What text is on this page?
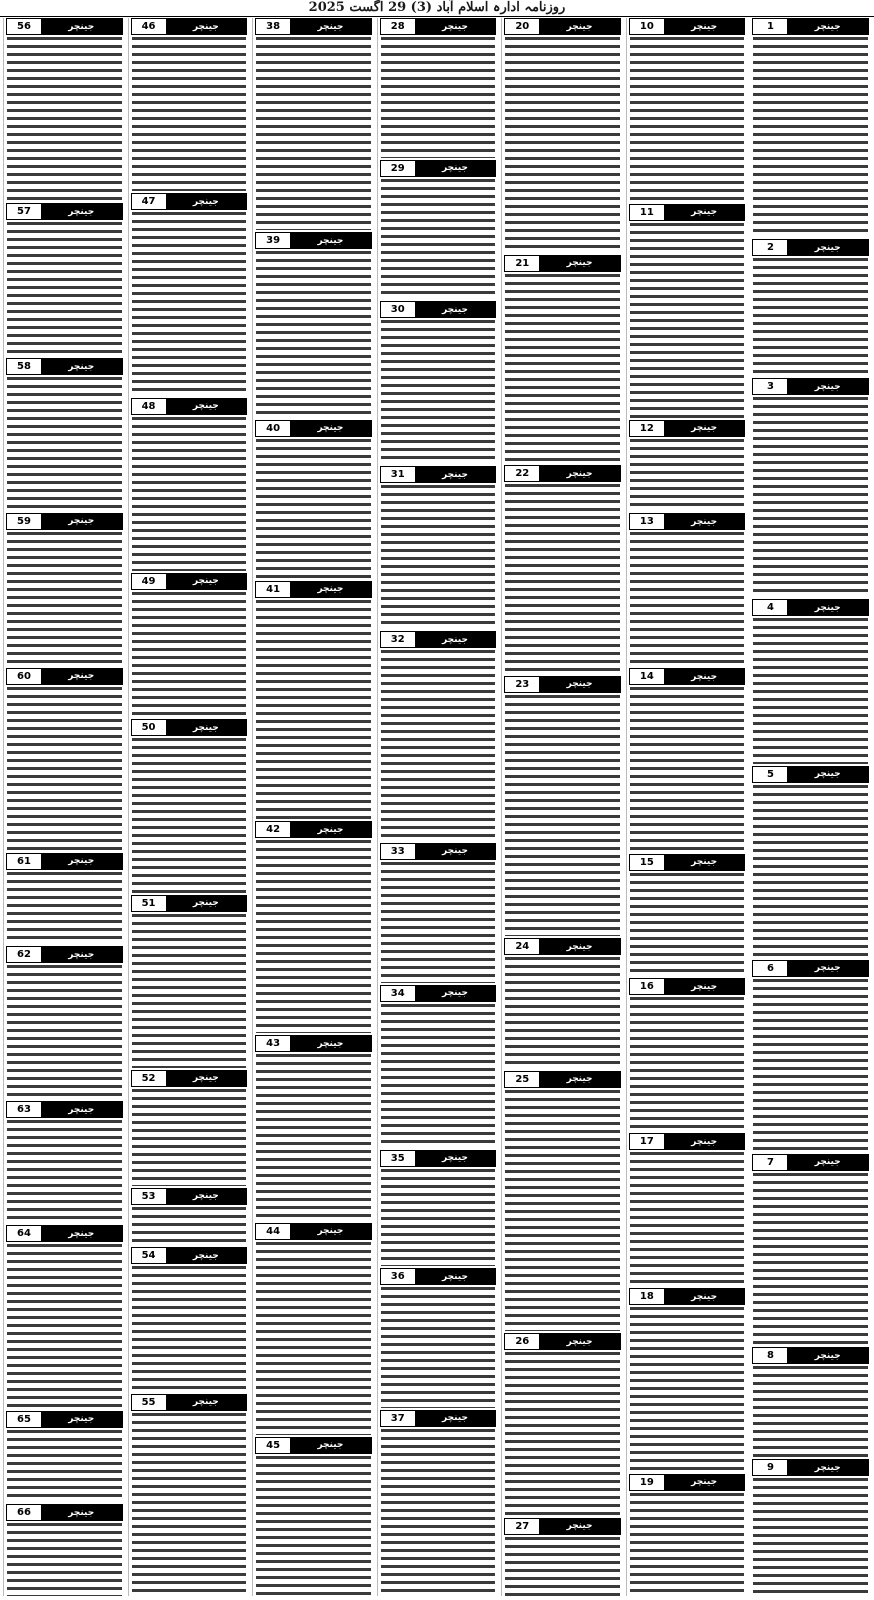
روزنامہ ادارہ اسلام آباد (3) 29 اگست 2025
جینچر
1
جینچر
2
جینچر
3
جینچر
4
جینچر
5
جینچر
6
جینچر
7
جینچر
8
جینچر
9
جینچر
10
جینچر
11
جینچر
12
جینچر
13
جینچر
14
جینچر
15
جینچر
16
جینچر
17
جینچر
18
جینچر
19
جینچر
20
جینچر
21
جینچر
22
جینچر
23
جینچر
24
جینچر
25
جینچر
26
جینچر
27
جینچر
28
جینچر
29
جینچر
30
جینچر
31
جینچر
32
جینچر
33
جینچر
34
جینچر
35
جینچر
36
جینچر
37
جینچر
38
جینچر
39
جینچر
40
جینچر
41
جینچر
42
جینچر
43
جینچر
44
جینچر
45
جینچر
46
جینچر
47
جینچر
48
جینچر
49
جینچر
50
جینچر
51
جینچر
52
جینچر
53
جینچر
54
جینچر
55
جینچر
56
جینچر
57
جینچر
58
جینچر
59
جینچر
60
جینچر
61
جینچر
62
جینچر
63
جینچر
64
جینچر
65
جینچر
66
